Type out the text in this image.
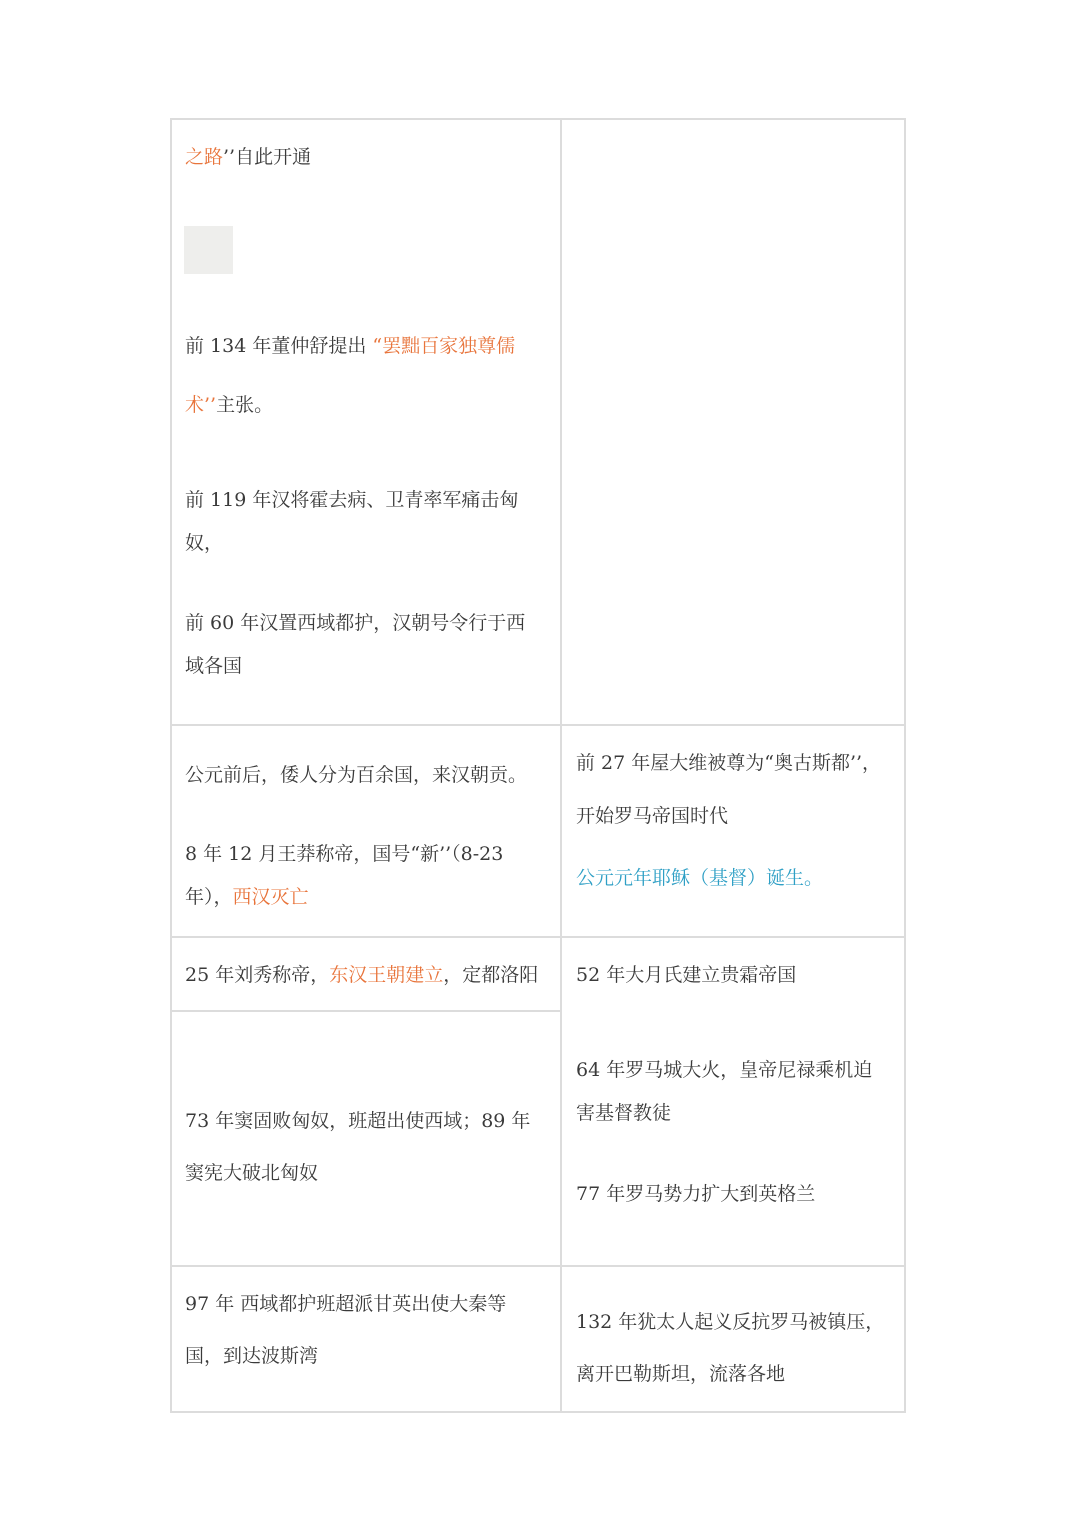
之路’’自此开通
前 134 年董仲舒提出 “罢黜百家独尊儒
术’’主张。
前 119 年汉将霍去病、卫青率军痛击匈
奴，
前 60 年汉置西域都护，汉朝号令行于西
域各国
公元前后，倭人分为百余国，来汉朝贡。
8 年 12 月王莽称帝，国号“新’’（8-23
年），西汉灭亡
前 27 年屋大维被尊为“奥古斯都’’，
开始罗马帝国时代
公元元年耶稣（基督）诞生。
25 年刘秀称帝，东汉王朝建立，定都洛阳
73 年窦固败匈奴，班超出使西域；89 年
窦宪大破北匈奴
52 年大月氏建立贵霜帝国
64 年罗马城大火，皇帝尼禄乘机迫
害基督教徒
77 年罗马势力扩大到英格兰
97 年 西域都护班超派甘英出使大秦等
国，到达波斯湾
132 年犹太人起义反抗罗马被镇压，
离开巴勒斯坦，流落各地
